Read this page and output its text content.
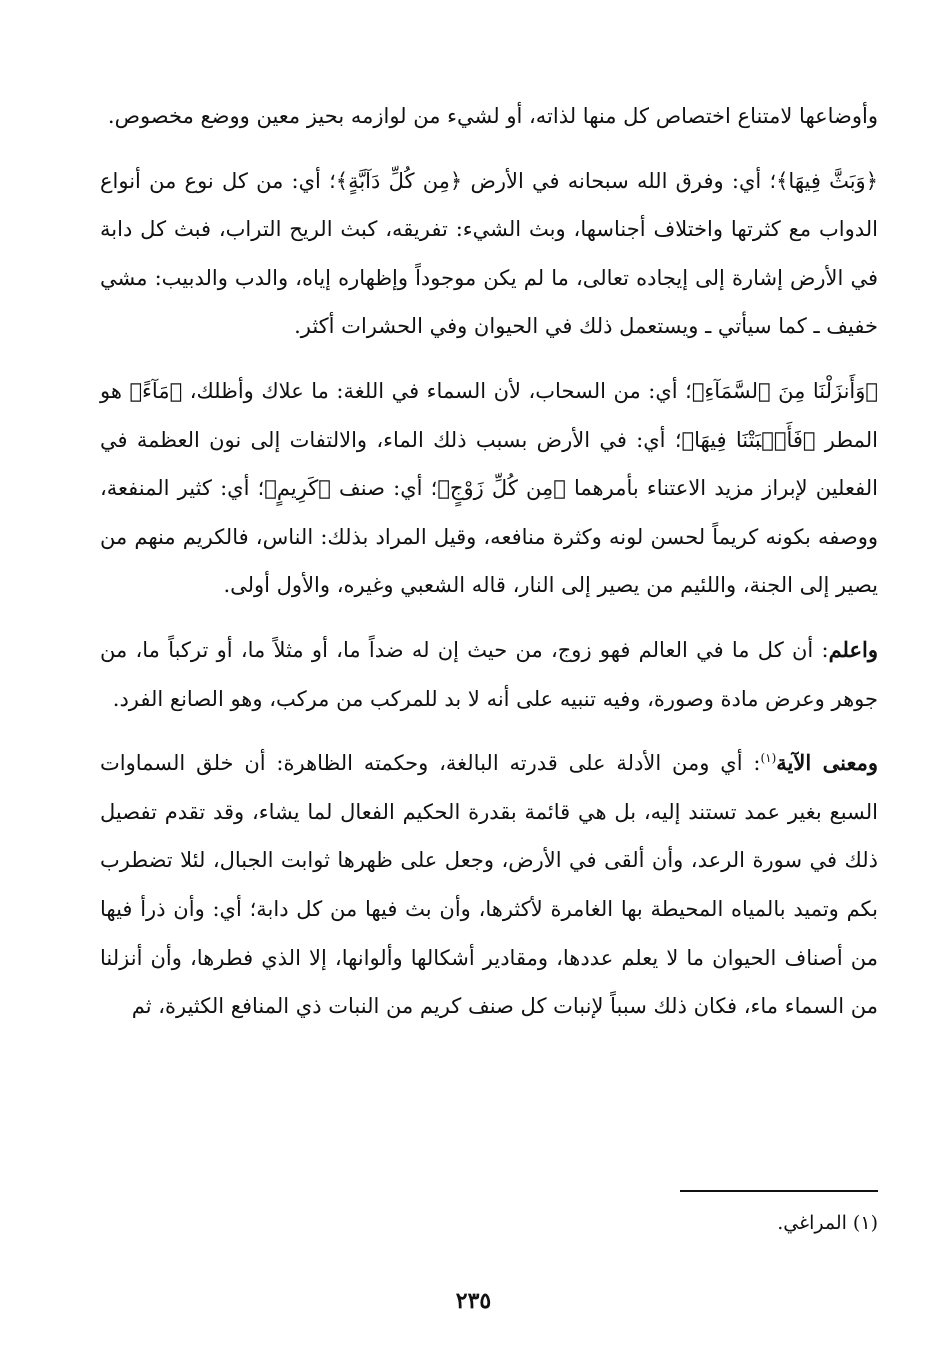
وأوضاعها لامتناع اختصاص كل منها لذاته، أو لشيء من لوازمه بحيز معين ووضع مخصوص.

﴿وَبَثَّ فِيهَا﴾؛ أي: وفرق الله سبحانه في الأرض ﴿مِن كُلِّ دَآبَّةٍ﴾؛ أي: من كل نوع من أنواع الدواب مع كثرتها واختلاف أجناسها، وبث الشيء: تفريقه، كبث الريح التراب، فبث كل دابة في الأرض إشارة إلى إيجاده تعالى، ما لم يكن موجوداً وإظهاره إياه، والدب والدبيب: مشي خفيف ـ كما سيأتي ـ ويستعمل ذلك في الحيوان وفي الحشرات أكثر.

﴿وَأَنزَلْنَا مِنَ ٱلسَّمَآءِ﴾؛ أي: من السحاب، لأن السماء في اللغة: ما علاك وأظلك، ﴿مَآءً﴾ هو المطر ﴿فَأَنۢبَتْنَا فِيهَا﴾؛ أي: في الأرض بسبب ذلك الماء، والالتفات إلى نون العظمة في الفعلين لإبراز مزيد الاعتناء بأمرهما ﴿مِن كُلِّ زَوْجٍ﴾؛ أي: صنف ﴿كَرِيمٍ﴾؛ أي: كثير المنفعة، ووصفه بكونه كريماً لحسن لونه وكثرة منافعه، وقيل المراد بذلك: الناس، فالكريم منهم من يصير إلى الجنة، واللئيم من يصير إلى النار، قاله الشعبي وغيره، والأول أولى.

واعلم: أن كل ما في العالم فهو زوج، من حيث إن له ضداً ما، أو مثلاً ما، أو تركباً ما، من جوهر وعرض مادة وصورة، وفيه تنبيه على أنه لا بد للمركب من مركب، وهو الصانع الفرد.

ومعنى الآية$^{(١)}$: أي ومن الأدلة على قدرته البالغة، وحكمته الظاهرة: أن خلق السماوات السبع بغير عمد تستند إليه، بل هي قائمة بقدرة الحكيم الفعال لما يشاء، وقد تقدم تفصيل ذلك في سورة الرعد، وأن ألقى في الأرض، وجعل على ظهرها ثوابت الجبال، لئلا تضطرب بكم وتميد بالمياه المحيطة بها الغامرة لأكثرها، وأن بث فيها من كل دابة؛ أي: وأن ذرأ فيها من أصناف الحيوان ما لا يعلم عددها، ومقادير أشكالها وألوانها، إلا الذي فطرها، وأن أنزلنا من السماء ماء، فكان ذلك سبباً لإنبات كل صنف كريم من النبات ذي المنافع الكثيرة، ثم

(١) المراغي.
٢٣٥
